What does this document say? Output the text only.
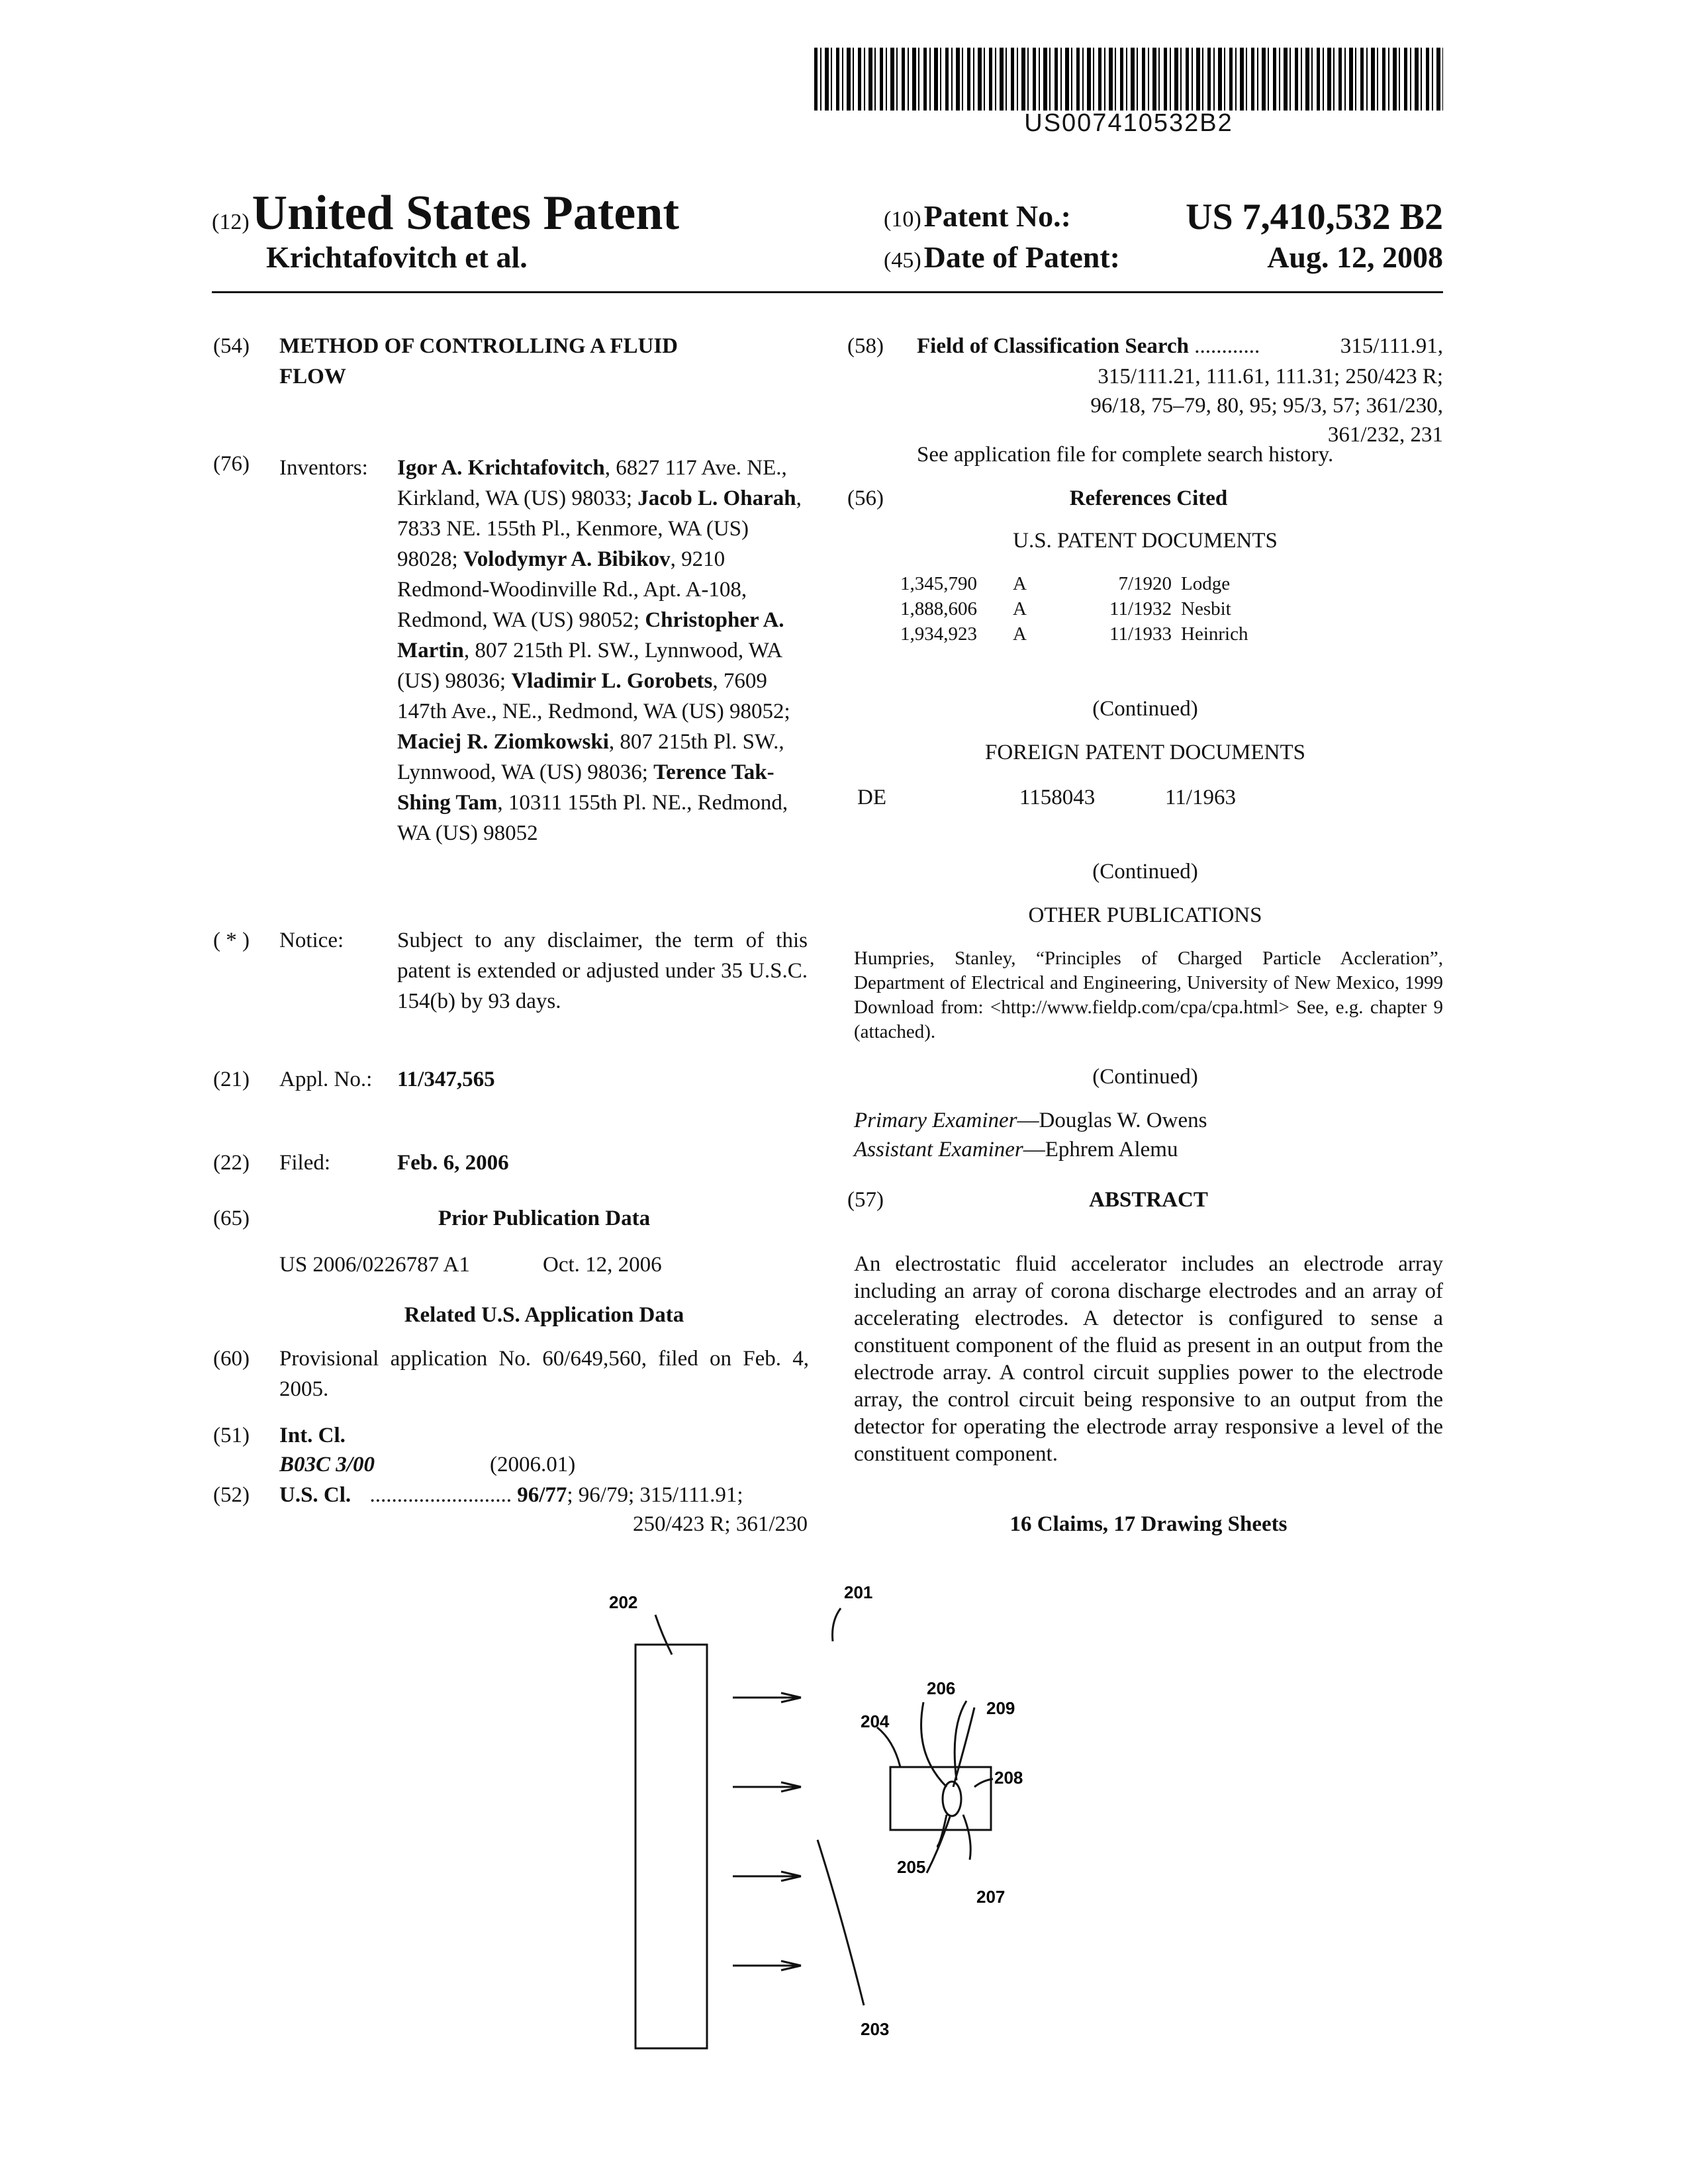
US007410532B2
(12) United States Patent
Krichtafovitch et al.
(10) Patent No.:	US 7,410,532 B2
(45) Date of Patent:	Aug. 12, 2008
(54) METHOD OF CONTROLLING A FLUID
FLOW
(76) Inventors: Igor A. Krichtafovitch, 6827 117 Ave. NE., Kirkland, WA (US) 98033; Jacob L. Oharah, 7833 NE. 155th Pl., Kenmore, WA (US) 98028; Volodymyr A. Bibikov, 9210 Redmond-Woodinville Rd., Apt. A-108, Redmond, WA (US) 98052; Christopher A. Martin, 807 215th Pl. SW., Lynnwood, WA (US) 98036; Vladimir L. Gorobets, 7609 147th Ave., NE., Redmond, WA (US) 98052; Maciej R. Ziomkowski, 807 215th Pl. SW., Lynnwood, WA (US) 98036; Terence Tak-Shing Tam, 10311 155th Pl. NE., Redmond, WA (US) 98052
( * ) Notice: Subject to any disclaimer, the term of this patent is extended or adjusted under 35 U.S.C. 154(b) by 93 days.
(21) Appl. No.: 11/347,565
(22) Filed:	Feb. 6, 2006
(65)	Prior Publication Data
US 2006/0226787 A1	Oct. 12, 2006
Related U.S. Application Data
(60) Provisional application No. 60/649,560, filed on Feb. 4, 2005.
(51) Int. Cl.
B03C 3/00	(2006.01)
(52) U.S. Cl. .......................... 96/77; 96/79; 315/111.91;
250/423 R; 361/230
(58) Field of Classification Search ............	315/111.91,
315/111.21, 111.61, 111.31; 250/423 R;
96/18, 75–79, 80, 95; 95/3, 57; 361/230,
361/232, 231
See application file for complete search history.
(56)	References Cited
U.S. PATENT DOCUMENTS
1,345,790 A	7/1920 Lodge
1,888,606 A	11/1932 Nesbit
1,934,923 A	11/1933 Heinrich
(Continued)
FOREIGN PATENT DOCUMENTS
DE	1158043	11/1963
(Continued)
OTHER PUBLICATIONS
Humpries, Stanley, “Principles of Charged Particle Accleration”, Department of Electrical and Engineering, University of New Mexico, 1999 Download from: <http://www.fieldp.com/cpa/cpa.html> See, e.g. chapter 9 (attached).
(Continued)
Primary Examiner—Douglas W. Owens
Assistant Examiner—Ephrem Alemu
(57)	ABSTRACT
An electrostatic fluid accelerator includes an electrode array including an array of corona discharge electrodes and an array of accelerating electrodes. A detector is configured to sense a constituent component of the fluid as present in an output from the electrode array. A control circuit supplies power to the electrode array, the control circuit being responsive to an output from the detector for operating the electrode array responsive a level of the constituent component.
16 Claims, 17 Drawing Sheets
202	201
206
209
204
208
205
207
203
